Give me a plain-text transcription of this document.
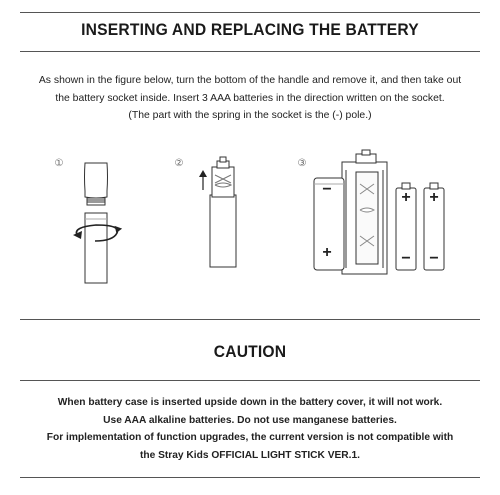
INSERTING AND REPLACING THE BATTERY
As shown in the figure below, turn the bottom of the handle and remove it, and then take out
the battery socket inside. Insert 3 AAA batteries in the direction written on the socket.
(The part with the spring in the socket is the (-) pole.)
①	②	③
+
−	+
−
+
−
CAUTION
When battery case is inserted upside down in the battery cover, it will not work.
Use AAA alkaline batteries. Do not use manganese batteries.
For implementation of function upgrades, the current version is not compatible with
the Stray Kids OFFICIAL LIGHT STICK VER.1.
